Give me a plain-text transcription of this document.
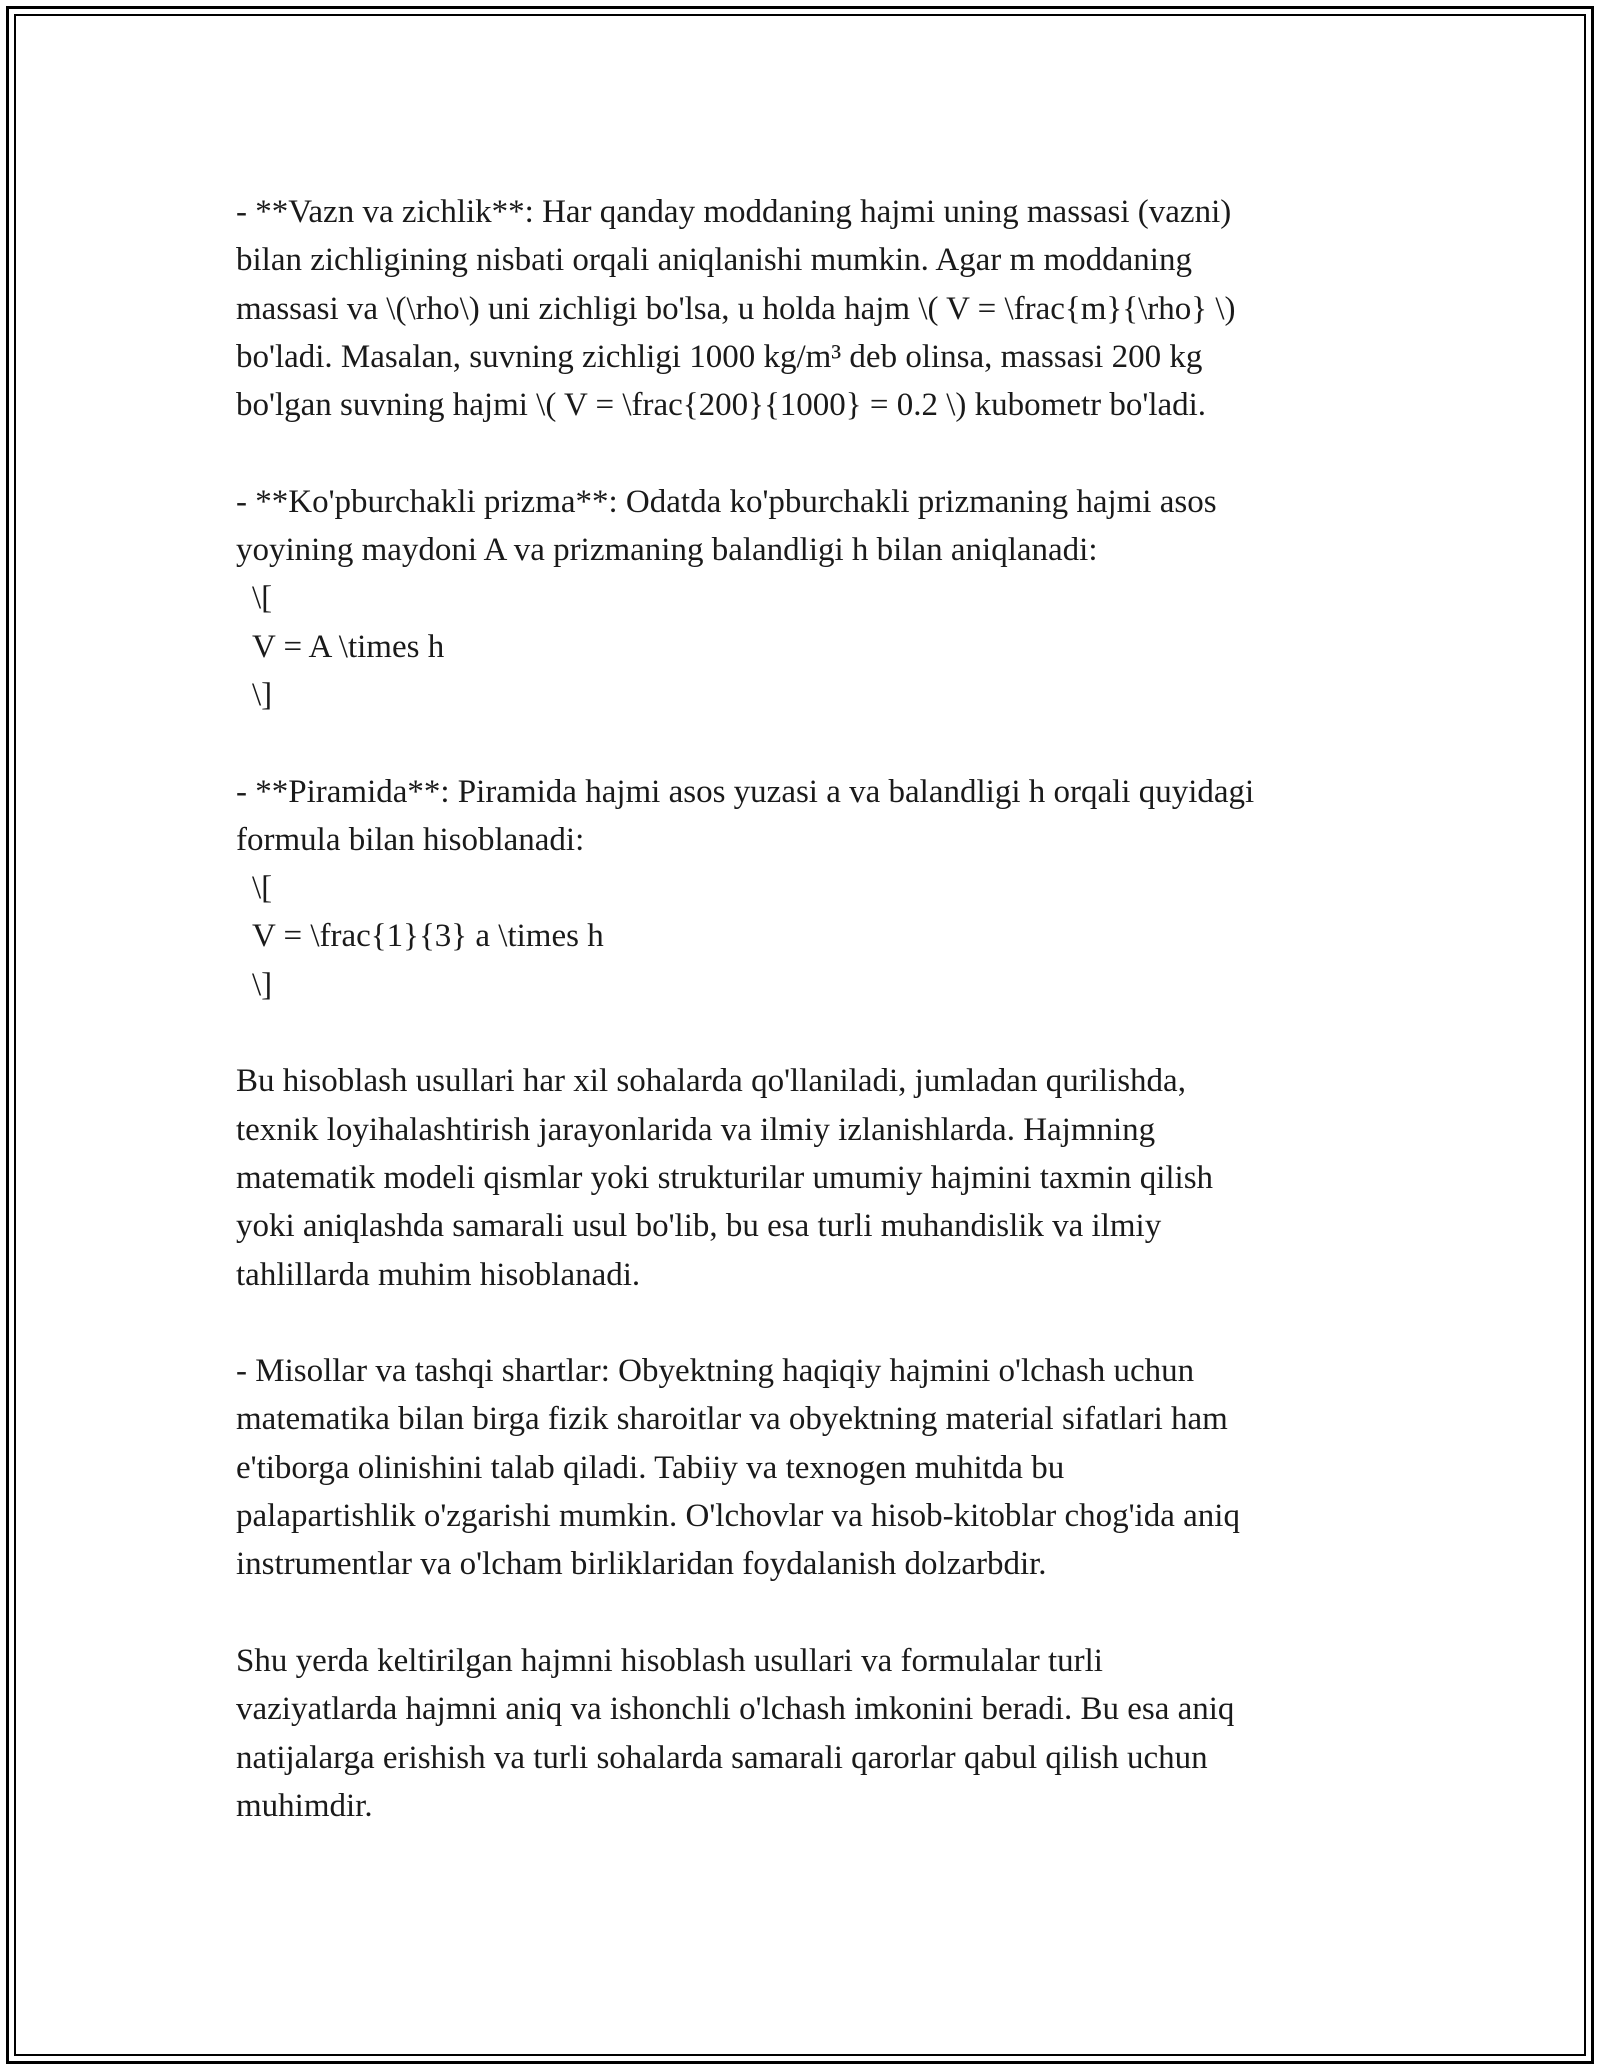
- **Vazn va zichlik**: Har qanday moddaning hajmi uning massasi (vazni)
bilan zichligining nisbati orqali aniqlanishi mumkin. Agar m moddaning
massasi va \(\rho\) uni zichligi bo'lsa, u holda hajm \( V = \frac{m}{\rho} \)
bo'ladi. Masalan, suvning zichligi 1000 kg/m³ deb olinsa, massasi 200 kg
bo'lgan suvning hajmi \( V = \frac{200}{1000} = 0.2 \) kubometr bo'ladi.
- **Ko'pburchakli prizma**: Odatda ko'pburchakli prizmaning hajmi asos
yoyining maydoni A va prizmaning balandligi h bilan aniqlanadi:
\[
V = A \times h
\]
- **Piramida**: Piramida hajmi asos yuzasi a va balandligi h orqali quyidagi
formula bilan hisoblanadi:
\[
V = \frac{1}{3} a \times h
\]
Bu hisoblash usullari har xil sohalarda qo'llaniladi, jumladan qurilishda,
texnik loyihalashtirish jarayonlarida va ilmiy izlanishlarda. Hajmning
matematik modeli qismlar yoki strukturilar umumiy hajmini taxmin qilish
yoki aniqlashda samarali usul bo'lib, bu esa turli muhandislik va ilmiy
tahlillarda muhim hisoblanadi.
- Misollar va tashqi shartlar: Obyektning haqiqiy hajmini o'lchash uchun
matematika bilan birga fizik sharoitlar va obyektning material sifatlari ham
e'tiborga olinishini talab qiladi. Tabiiy va texnogen muhitda bu
palapartishlik o'zgarishi mumkin. O'lchovlar va hisob-kitoblar chog'ida aniq
instrumentlar va o'lcham birliklaridan foydalanish dolzarbdir.
Shu yerda keltirilgan hajmni hisoblash usullari va formulalar turli
vaziyatlarda hajmni aniq va ishonchli o'lchash imkonini beradi. Bu esa aniq
natijalarga erishish va turli sohalarda samarali qarorlar qabul qilish uchun
muhimdir.
